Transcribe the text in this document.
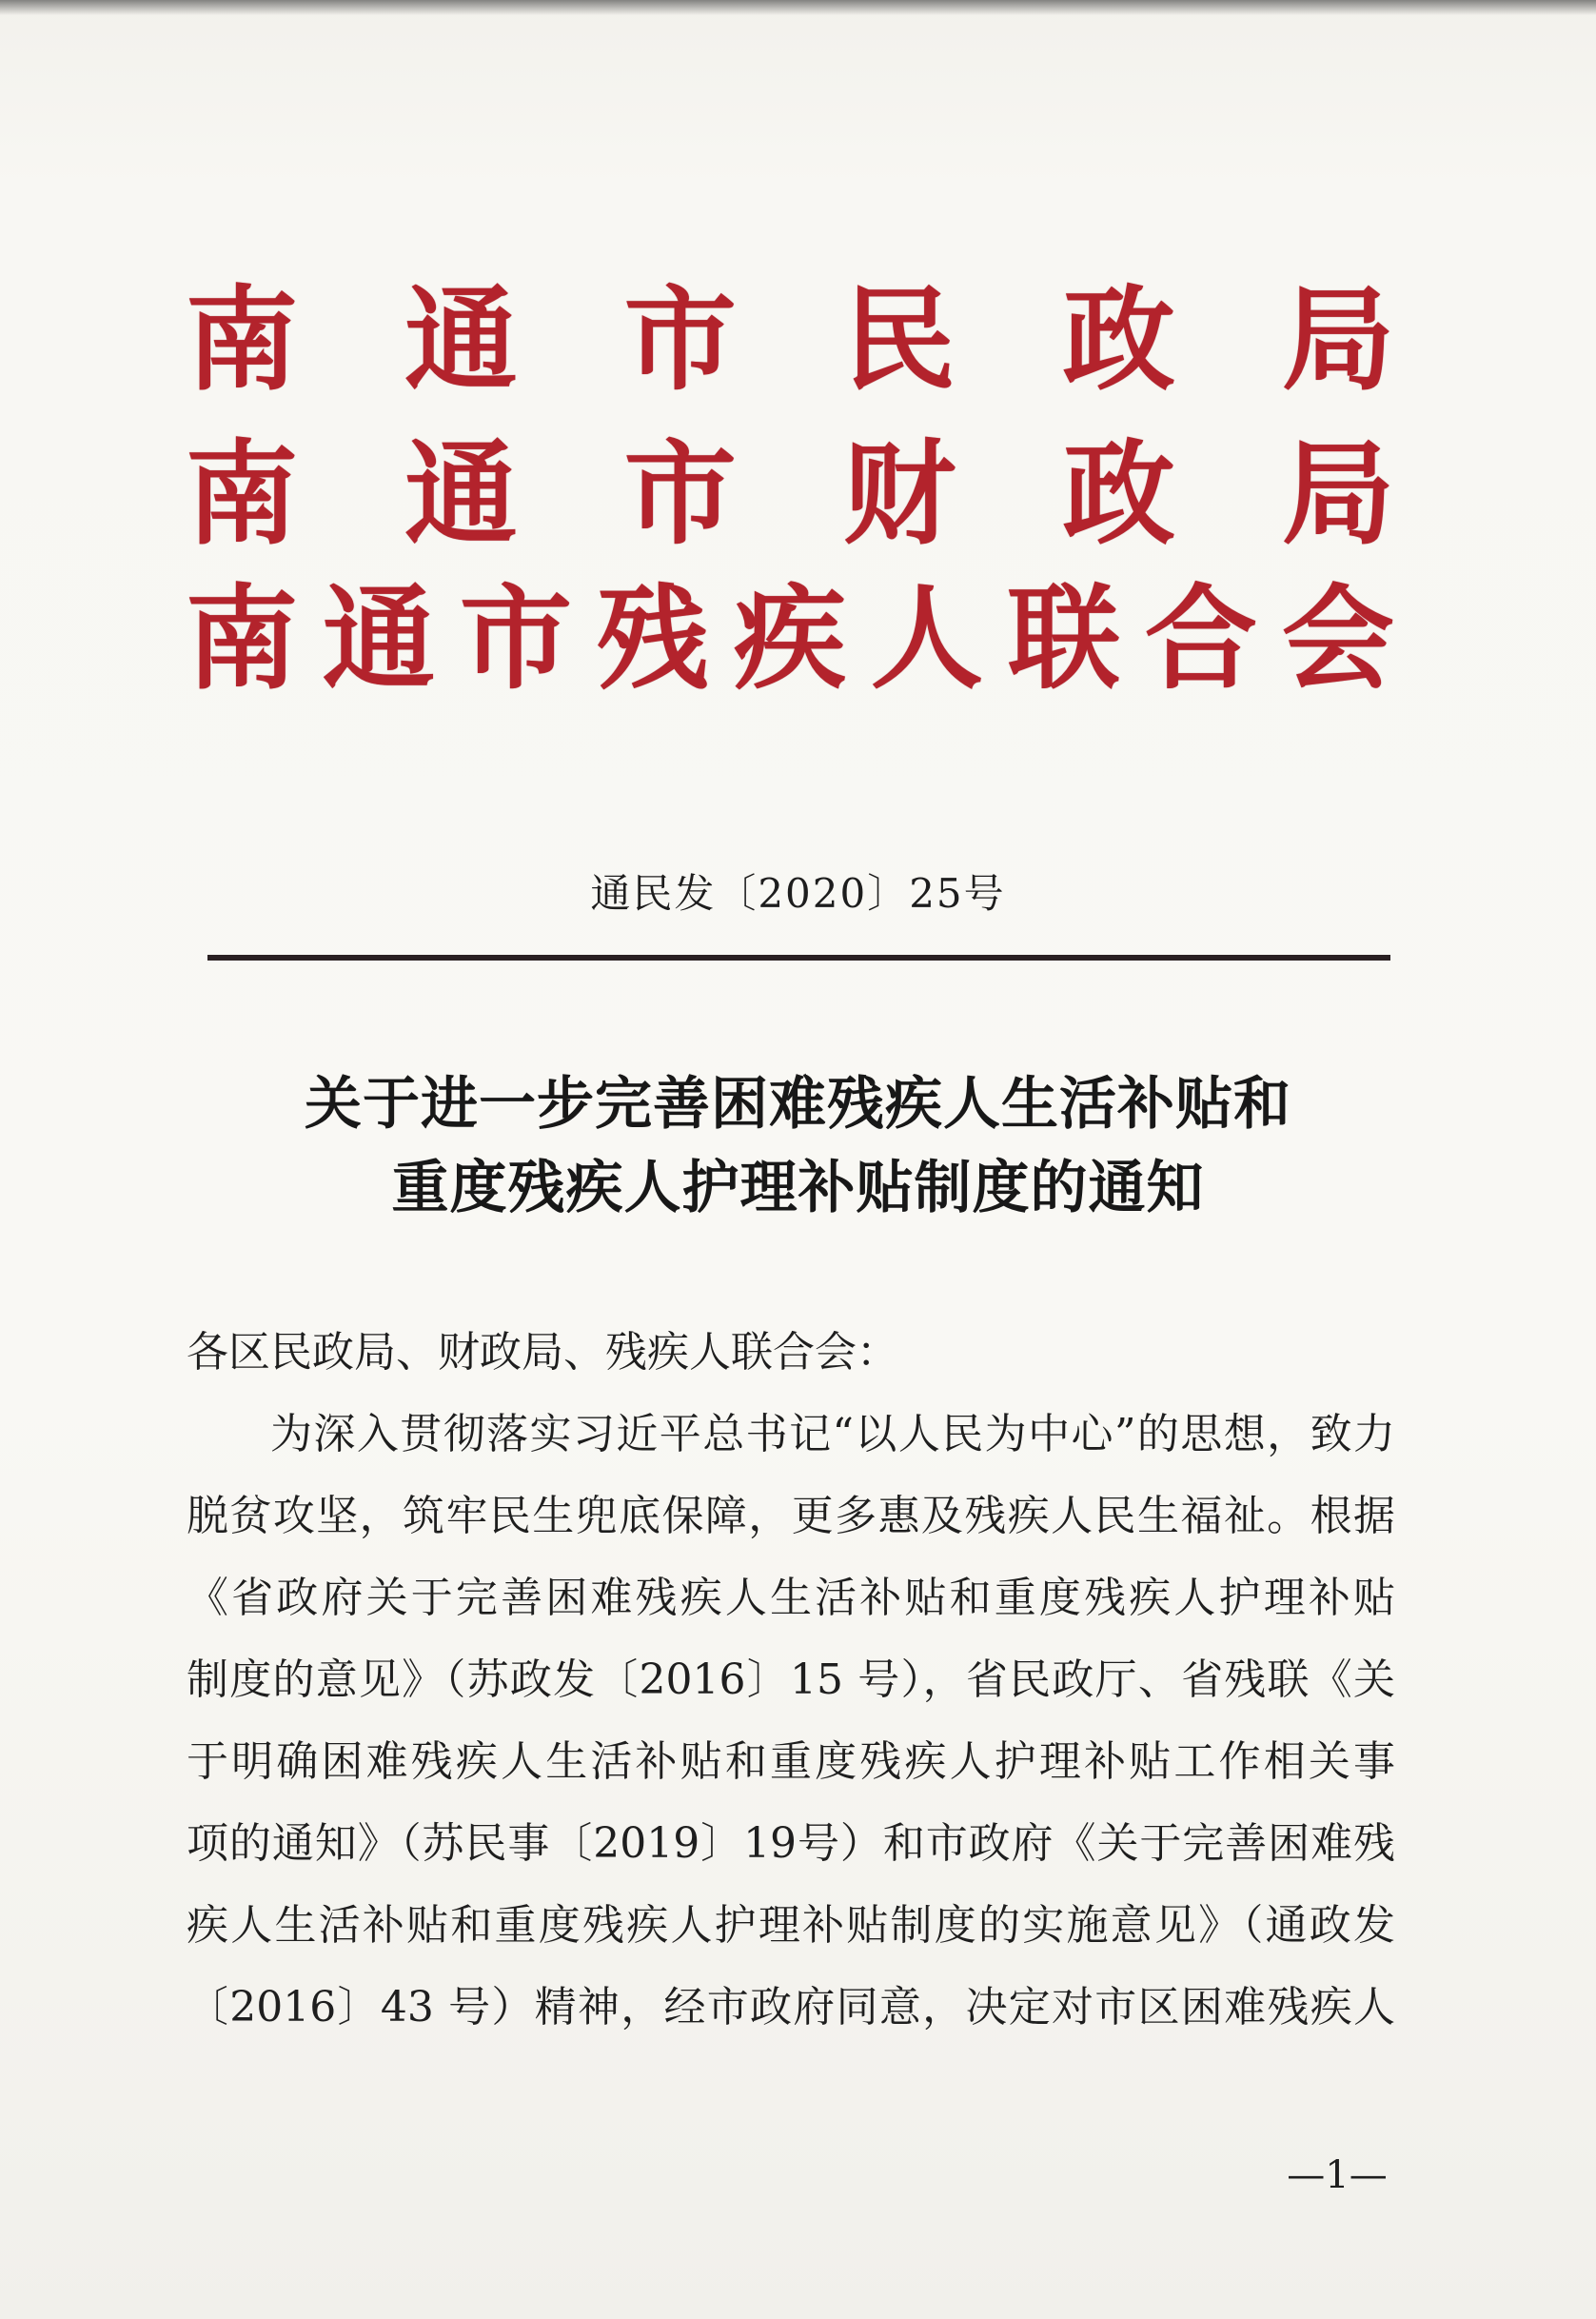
南 通 市 民 政 局
南 通 市 财 政 局
南 通 市 残 疾 人 联 合 会
通民发〔2020〕25号
关于进一步完善困难残疾人生活补贴和
重度残疾人护理补贴制度的通知
各区民政局、财政局、残疾人联合会：
为深入贯彻落实习近平总书记“以人民为中心”的思想，致力
脱贫攻坚，筑牢民生兜底保障，更多惠及残疾人民生福祉。根据
《省政府关于完善困难残疾人生活补贴和重度残疾人护理补贴
制度的意见》（苏政发〔2016〕15 号），省民政厅、省残联《关
于明确困难残疾人生活补贴和重度残疾人护理补贴工作相关事
项的通知》（苏民事〔2019〕19号）和市政府《关于完善困难残
疾人生活补贴和重度残疾人护理补贴制度的实施意见》（通政发
〔2016〕43 号）精神，经市政府同意，决定对市区困难残疾人
—1—
